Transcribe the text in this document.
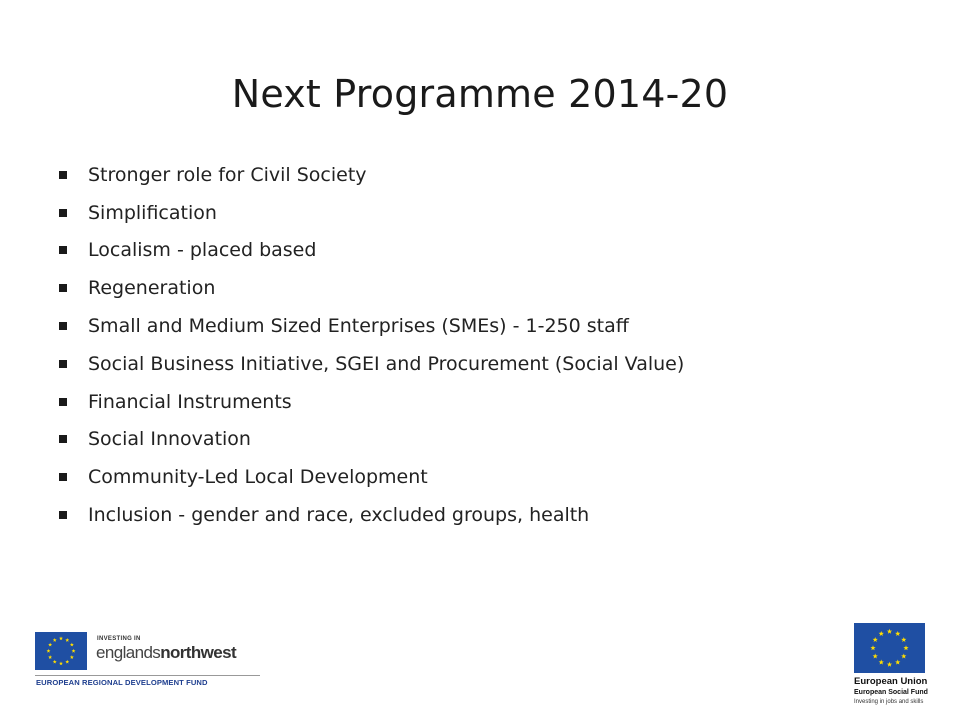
Next Programme 2014-20
Stronger role for Civil Society
Simplification
Localism - placed based
Regeneration
Small and Medium Sized Enterprises (SMEs) - 1-250 staff
Social Business Initiative, SGEI and Procurement (Social Value)
Financial Instruments
Social Innovation
Community-Led Local Development
Inclusion - gender and race, excluded groups, health
INVESTING IN
englandsnorthwest
EUROPEAN REGIONAL DEVELOPMENT FUND	European Union
European Social Fund
Investing in jobs and skills
